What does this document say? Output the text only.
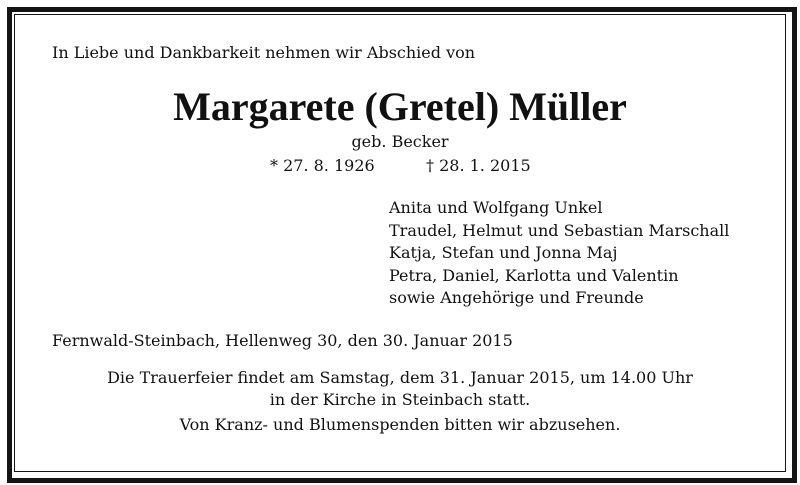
In Liebe und Dankbarkeit nehmen wir Abschied von
Margarete (Gretel) Müller
geb. Becker
* 27. 8. 1926	† 28. 1. 2015
Anita und Wolfgang Unkel
Traudel, Helmut und Sebastian Marschall
Katja, Stefan und Jonna Maj
Petra, Daniel, Karlotta und Valentin
sowie Angehörige und Freunde
Fernwald-Steinbach, Hellenweg 30, den 30. Januar 2015
Die Trauerfeier findet am Samstag, dem 31. Januar 2015, um 14.00 Uhr
in der Kirche in Steinbach statt.
Von Kranz- und Blumenspenden bitten wir abzusehen.
